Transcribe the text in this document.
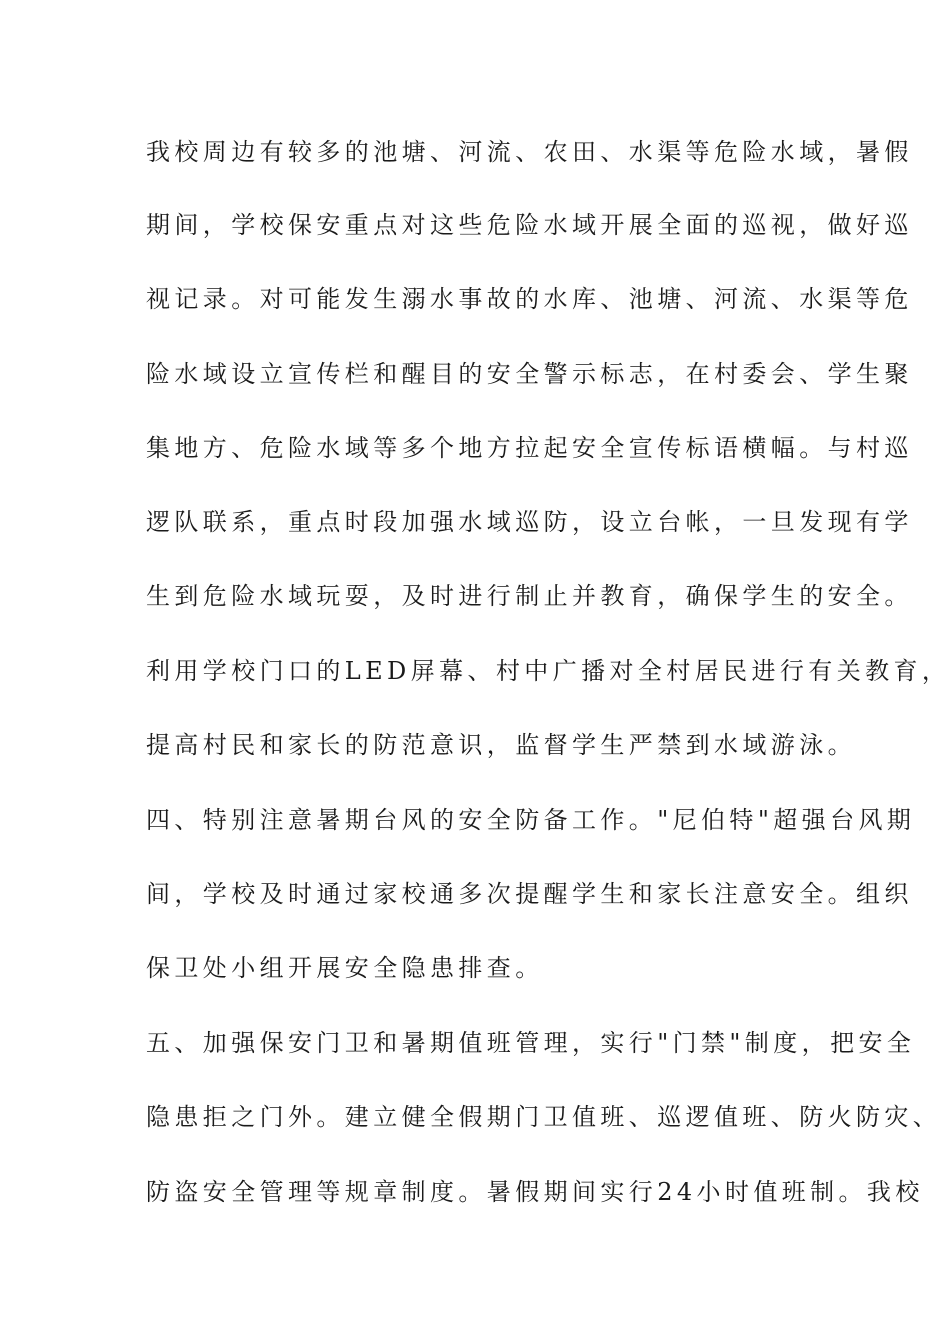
我校周边有较多的池塘、河流、农田、水渠等危险水域，暑假
期间，学校保安重点对这些危险水域开展全面的巡视，做好巡
视记录。对可能发生溺水事故的水库、池塘、河流、水渠等危
险水域设立宣传栏和醒目的安全警示标志，在村委会、学生聚
集地方、危险水域等多个地方拉起安全宣传标语横幅。与村巡
逻队联系，重点时段加强水域巡防，设立台帐，一旦发现有学
生到危险水域玩耍，及时进行制止并教育，确保学生的安全。
利用学校门口的LED屏幕、村中广播对全村居民进行有关教育，
提高村民和家长的防范意识，监督学生严禁到水域游泳。
四、特别注意暑期台风的安全防备工作。"尼伯特"超强台风期
间，学校及时通过家校通多次提醒学生和家长注意安全。组织
保卫处小组开展安全隐患排查。
五、加强保安门卫和暑期值班管理，实行"门禁"制度，把安全
隐患拒之门外。建立健全假期门卫值班、巡逻值班、防火防灾、
防盗安全管理等规章制度。暑假期间实行24小时值班制。我校
